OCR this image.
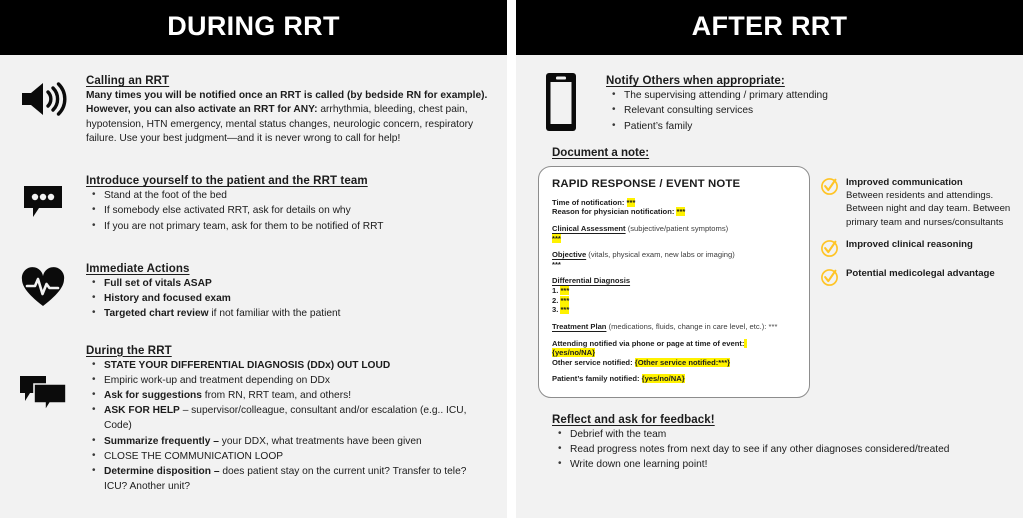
DURING RRT
Calling an RRT
Many times you will be notified once an RRT is called (by bedside RN for example). However, you can also activate an RRT for ANY: arrhythmia, bleeding, chest pain, hypotension, HTN emergency, mental status changes, neurologic concern, respiratory failure. Use your best judgment—and it is never wrong to call for help!
Introduce yourself to the patient and the RRT team
• Stand at the foot of the bed
• If somebody else activated RRT, ask for details on why
• If you are not primary team, ask for them to be notified of RRT
Immediate Actions
• Full set of vitals ASAP
• History and focused exam
• Targeted chart review if not familiar with the patient
During the RRT
• STATE YOUR DIFFERENTIAL DIAGNOSIS (DDx) OUT LOUD
• Empiric work-up and treatment depending on DDx
• Ask for suggestions from RN, RRT team, and others!
• ASK FOR HELP – supervisor/colleague, consultant and/or escalation (e.g.. ICU, Code)
• Summarize frequently – your DDX, what treatments have been given
• CLOSE THE COMMUNICATION LOOP
• Determine disposition – does patient stay on the current unit? Transfer to tele? ICU? Another unit?
AFTER RRT
Notify Others when appropriate:
• The supervising attending / primary attending
• Relevant consulting services
• Patient’s family
Document a note:
RAPID RESPONSE / EVENT NOTE
Time of notification: ***
Reason for physician notification: ***
Clinical Assessment (subjective/patient symptoms)
***
Objective (vitals, physical exam, new labs or imaging)
***
Differential Diagnosis
1. ***
2. ***
3. ***
Treatment Plan (medications, fluids, change in care level, etc.): ***
Attending notified via phone or page at time of event:
{yes/no/NA}
Other service notified: {Other service notified:***}
Patient’s family notified: {yes/no/NA}
Improved communication
Between residents and attendings. Between night and day team. Between primary team and nurses/consultants
Improved clinical reasoning
Potential medicolegal advantage
Reflect and ask for feedback!
• Debrief with the team
• Read progress notes from next day to see if any other diagnoses considered/treated
• Write down one learning point!
